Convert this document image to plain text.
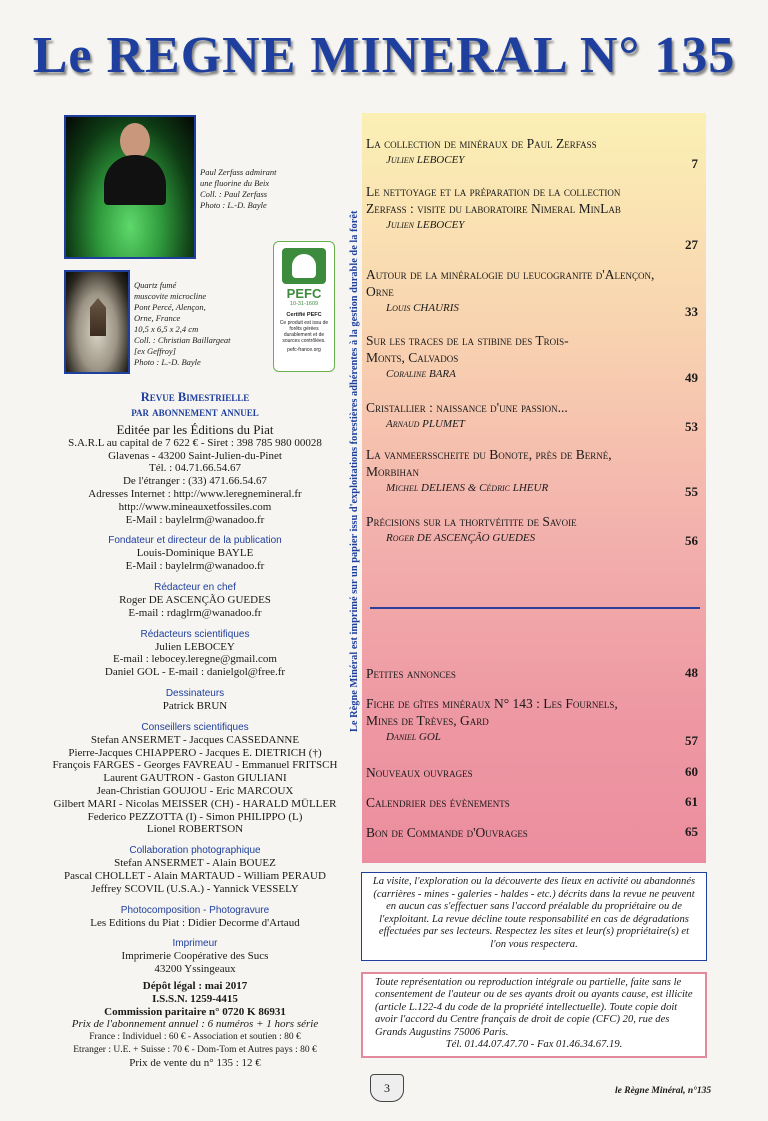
Le REGNE MINERAL N° 135
Paul Zerfass admirant
une fluorine du Beix
Coll. : Paul Zerfass
Photo : L.-D. Bayle
Quartz fumé
muscovite microcline
Pont Percé, Alençon,
Orne, France
10,5 x 6,5 x 2,4 cm
Coll. : Christian Baillargeat
[ex Geffroy]
Photo : L.-D. Bayle
PEFC
10-31-1609
Certifié PEFC
Ce produit est issu de forêts gérées durablement et de sources contrôlées.
pefc-france.org
Revue Bimestrielle
par abonnement annuel
Editée par les Éditions du Piat
S.A.R.L au capital de 7 622 € - Siret : 398 785 980 00028
Glavenas - 43200 Saint-Julien-du-Pinet
Tél. : 04.71.66.54.67
De l'étranger : (33) 471.66.54.67
Adresses Internet : http://www.leregnemineral.fr
http://www.mineauxetfossiles.com
E-Mail : baylelrm@wanadoo.fr
Fondateur et directeur de la publication
Louis-Dominique BAYLE
E-Mail : baylelrm@wanadoo.fr
Rédacteur en chef
Roger DE ASCENÇÃO GUEDES
E-mail : rdaglrm@wanadoo.fr
Rédacteurs scientifiques
Julien LEBOCEY
E-mail : lebocey.leregne@gmail.com
Daniel GOL - E-mail : danielgol@free.fr
Dessinateurs
Patrick BRUN
Conseillers scientifiques
Stefan ANSERMET - Jacques CASSEDANNE
Pierre-Jacques CHIAPPERO - Jacques E. DIETRICH (†)
François FARGES - Georges FAVREAU - Emmanuel FRITSCH
Laurent GAUTRON - Gaston GIULIANI
Jean-Christian GOUJOU - Eric MARCOUX
Gilbert MARI - Nicolas MEISSER (CH) - HARALD MÜLLER
Federico PEZZOTTA (I) - Simon PHILIPPO (L)
Lionel ROBERTSON
Collaboration photographique
Stefan ANSERMET - Alain BOUEZ
Pascal CHOLLET - Alain MARTAUD - William PERAUD
Jeffrey SCOVIL (U.S.A.) - Yannick VESSELY
Photocomposition - Photogravure
Les Editions du Piat : Didier Decorme d'Artaud
Imprimeur
Imprimerie Coopérative des Sucs
43200 Yssingeaux
Dépôt légal : mai 2017
I.S.S.N. 1259-4415
Commission paritaire n° 0720 K 86931
Prix de l'abonnement annuel : 6 numéros + 1 hors série
France : Individuel : 60 € - Association et soutien : 80 €
Etranger : U.E. + Suisse : 70 € - Dom-Tom et Autres pays : 80 €
Prix de vente du n° 135 : 12 €
Le Règne Minéral est imprimé sur un papier issu d'exploitations forestières adhérentes à la gestion durable de la forêt
La collection de minéraux de Paul Zerfass
Julien LEBOCEY	7
Le nettoyage et la préparation de la collection Zerfass : visite du laboratoire Nimeral MinLab
Julien LEBOCEY
27
Autour de la minéralogie du leucogranite d'Alençon, Orne
Louis CHAURIS	33
Sur les traces de la stibine des Trois-Monts, Calvados
Coraline BARA	49
Cristallier : naissance d'une passion...
Arnaud PLUMET	53
La vanmeersscheite du Bonote, près de Berné, Morbihan
Michel DELIENS & Cédric LHEUR	55
Précisions sur la thortvéitite de Savoie
Roger DE ASCENÇÃO GUEDES	56
Petites annonces	48
Fiche de gîtes minéraux N° 143 : Les Fournels, Mines de Trèves, Gard
Daniel GOL	57
Nouveaux ouvrages	60
Calendrier des évènements	61
Bon de Commande d'Ouvrages	65
La visite, l'exploration ou la découverte des lieux en activité ou abandonnés (carrières - mines - galeries - haldes - etc.) décrits dans la revue ne peuvent en aucun cas s'effectuer sans l'accord préalable du propriétaire ou de l'exploitant. La revue décline toute responsabilité en cas de dégradations effectuées par ses lecteurs. Respectez les sites et leur(s) propriétaire(s) et l'on vous respectera.
Toute représentation ou reproduction intégrale ou partielle, faite sans le consentement de l'auteur ou de ses ayants droit ou ayants cause, est illicite (article L.122-4 du code de la propriété intellectuelle). Toute copie doit avoir l'accord du Centre français de droit de copie (CFC) 20, rue des Grands Augustins 75006 Paris.
Tél. 01.44.07.47.70 - Fax 01.46.34.67.19.
3	le Règne Minéral, n°135
